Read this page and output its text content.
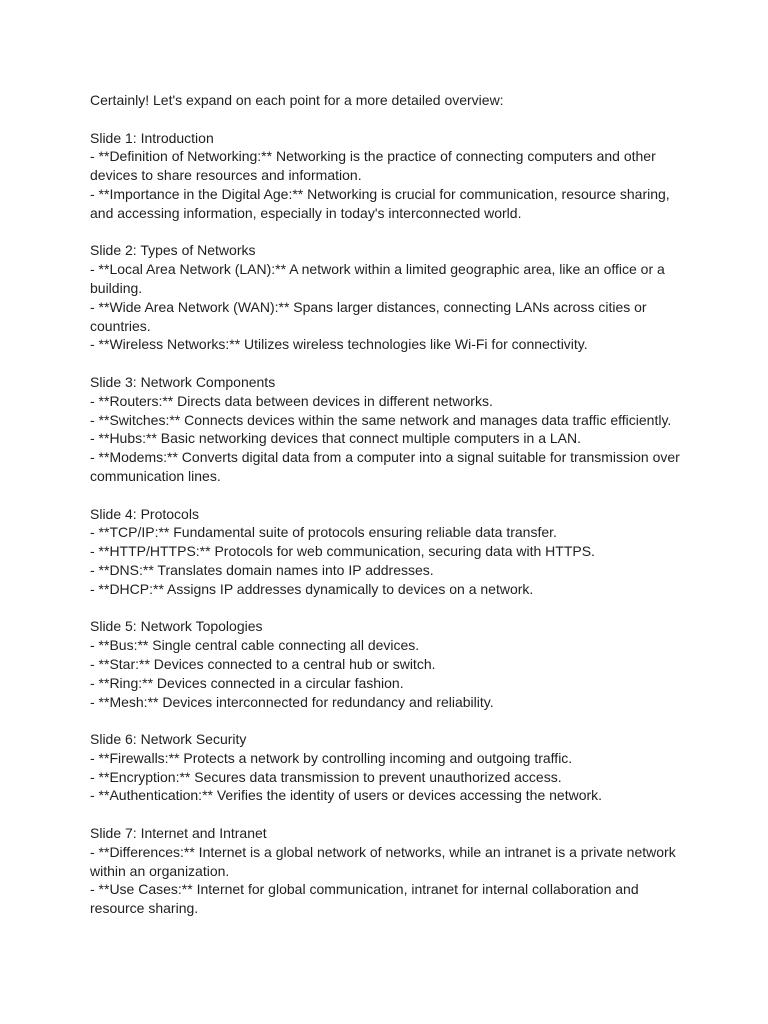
Certainly! Let's expand on each point for a more detailed overview:

Slide 1: Introduction

- **Definition of Networking:** Networking is the practice of connecting computers and other
devices to share resources and information.

- **Importance in the Digital Age:** Networking is crucial for communication, resource sharing,
and accessing information, especially in today's interconnected world.

Slide 2: Types of Networks

- **Local Area Network (LAN):** A network within a limited geographic area, like an office or a
building.

- **Wide Area Network (WAN):** Spans larger distances, connecting LANs across cities or
countries.

- **Wireless Networks:** Utilizes wireless technologies like Wi-Fi for connectivity.

Slide 3: Network Components

- **Routers:** Directs data between devices in different networks.

- **Switches:** Connects devices within the same network and manages data traffic efficiently.

- **Hubs:** Basic networking devices that connect multiple computers in a LAN.

- **Modems:** Converts digital data from a computer into a signal suitable for transmission over
communication lines.

Slide 4: Protocols

- **TCP/IP:** Fundamental suite of protocols ensuring reliable data transfer.

- **HTTP/HTTPS:** Protocols for web communication, securing data with HTTPS.

- **DNS:** Translates domain names into IP addresses.

- **DHCP:** Assigns IP addresses dynamically to devices on a network.

Slide 5: Network Topologies

- **Bus:** Single central cable connecting all devices.

- **Star:** Devices connected to a central hub or switch.

- **Ring:** Devices connected in a circular fashion.

- **Mesh:** Devices interconnected for redundancy and reliability.

Slide 6: Network Security

- **Firewalls:** Protects a network by controlling incoming and outgoing traffic.

- **Encryption:** Secures data transmission to prevent unauthorized access.

- **Authentication:** Verifies the identity of users or devices accessing the network.

Slide 7: Internet and Intranet

- **Differences:** Internet is a global network of networks, while an intranet is a private network
within an organization.

- **Use Cases:** Internet for global communication, intranet for internal collaboration and
resource sharing.
